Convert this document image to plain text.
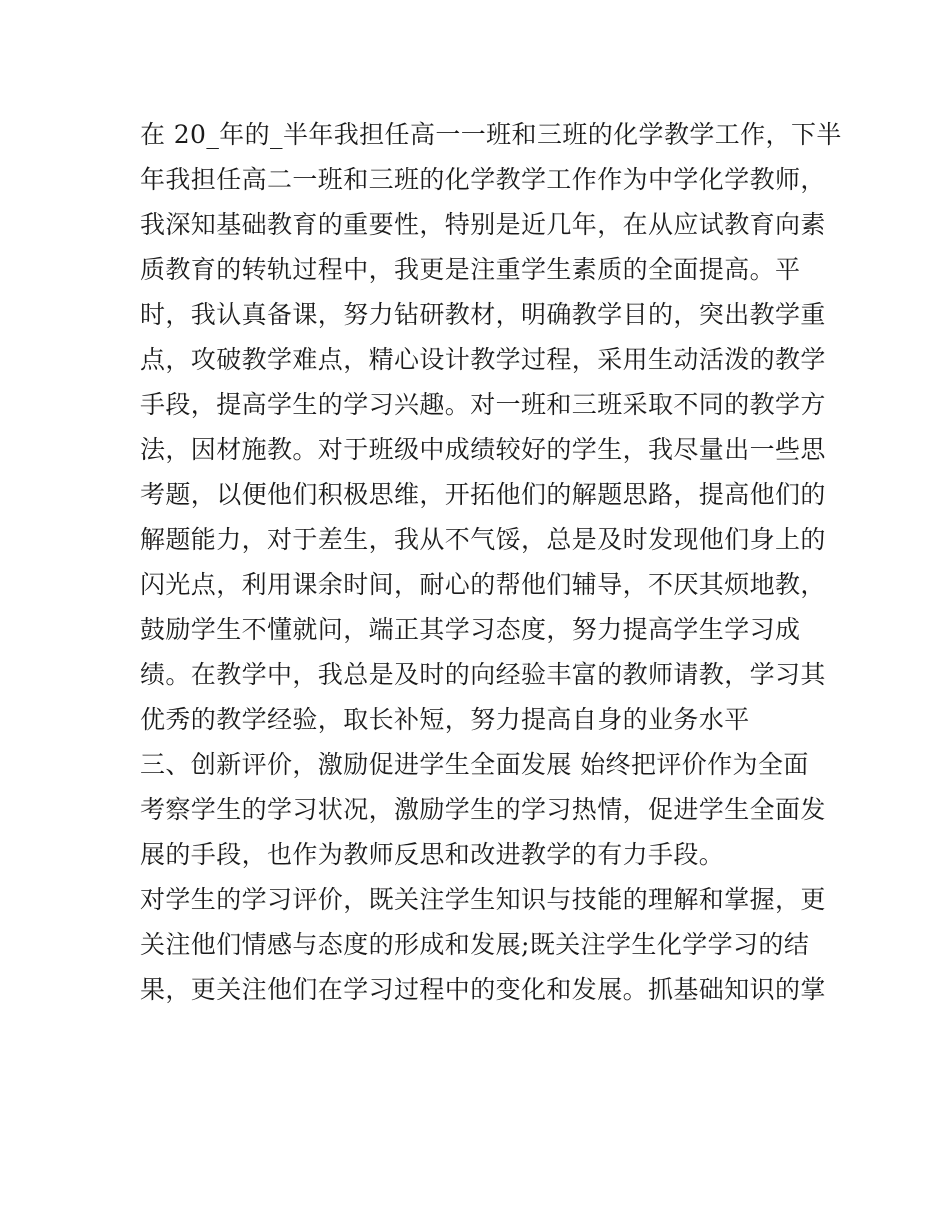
在 20_年的_半年我担任高一一班和三班的化学教学工作，下半
年我担任高二一班和三班的化学教学工作作为中学化学教师，
我深知基础教育的重要性，特别是近几年，在从应试教育向素
质教育的转轨过程中，我更是注重学生素质的全面提高。平
时，我认真备课，努力钻研教材，明确教学目的，突出教学重
点，攻破教学难点，精心设计教学过程，采用生动活泼的教学
手段，提高学生的学习兴趣。对一班和三班采取不同的教学方
法，因材施教。对于班级中成绩较好的学生，我尽量出一些思
考题，以便他们积极思维，开拓他们的解题思路，提高他们的
解题能力，对于差生，我从不气馁，总是及时发现他们身上的
闪光点，利用课余时间，耐心的帮他们辅导，不厌其烦地教，
鼓励学生不懂就问，端正其学习态度，努力提高学生学习成
绩。在教学中，我总是及时的向经验丰富的教师请教，学习其
优秀的教学经验，取长补短，努力提高自身的业务水平
三、创新评价，激励促进学生全面发展 始终把评价作为全面
考察学生的学习状况，激励学生的学习热情，促进学生全面发
展的手段，也作为教师反思和改进教学的有力手段。
对学生的学习评价，既关注学生知识与技能的理解和掌握，更
关注他们情感与态度的形成和发展;既关注学生化学学习的结
果，更关注他们在学习过程中的变化和发展。抓基础知识的掌
